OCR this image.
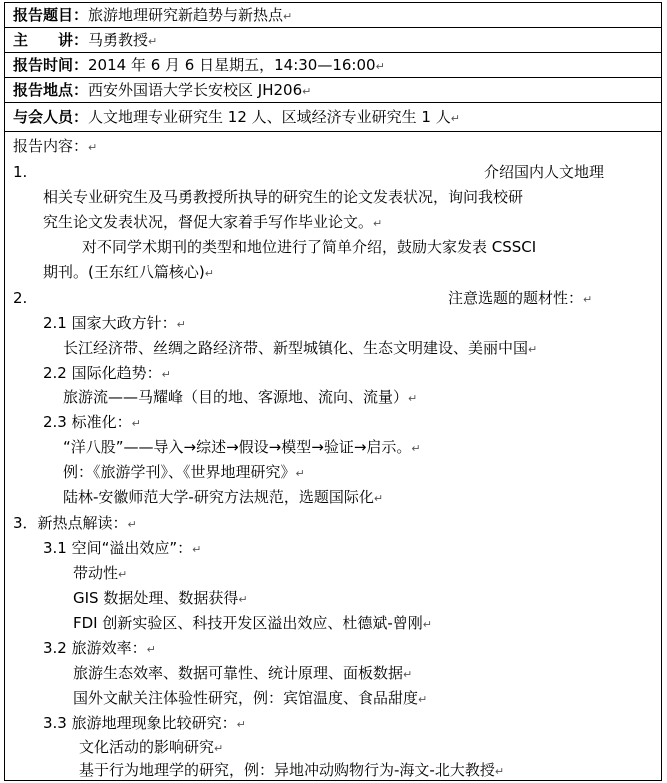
报告题目：旅游地理研究新趋势与新热点↵
主　　讲：马勇教授↵
报告时间：2014 年 6 月 6 日星期五，14:30—16:00↵
报告地点：西安外国语大学长安校区 JH206↵
与会人员：人文地理专业研究生 12 人、区域经济专业研究生 1 人↵
报告内容：↵
1.	介绍国内人文地理
相关专业研究生及马勇教授所执导的研究生的论文发表状况，询问我校研
究生论文发表状况，督促大家着手写作毕业论文。↵
对不同学术期刊的类型和地位进行了简单介绍，鼓励大家发表 CSSCI
期刊。(王东红八篇核心)↵
2.	注意选题的题材性：↵
2.1 国家大政方针：↵
长江经济带、丝绸之路经济带、新型城镇化、生态文明建设、美丽中国↵
2.2 国际化趋势：↵
旅游流——马耀峰（目的地、客源地、流向、流量）↵
2.3 标准化：↵
“洋八股”——导入→综述→假设→模型→验证→启示。↵
例：《旅游学刊》、《世界地理研究》↵
陆林-安徽师范大学-研究方法规范，选题国际化↵
3．新热点解读：↵
3.1 空间“溢出效应”：↵
带动性↵
GIS 数据处理、数据获得↵
FDI 创新实验区、科技开发区溢出效应、杜德斌-曾刚↵
3.2 旅游效率：↵
旅游生态效率、数据可靠性、统计原理、面板数据↵
国外文献关注体验性研究，例：宾馆温度、食品甜度↵
3.3 旅游地理现象比较研究：↵
文化活动的影响研究↵
基于行为地理学的研究，例：异地冲动购物行为-海文-北大教授↵
